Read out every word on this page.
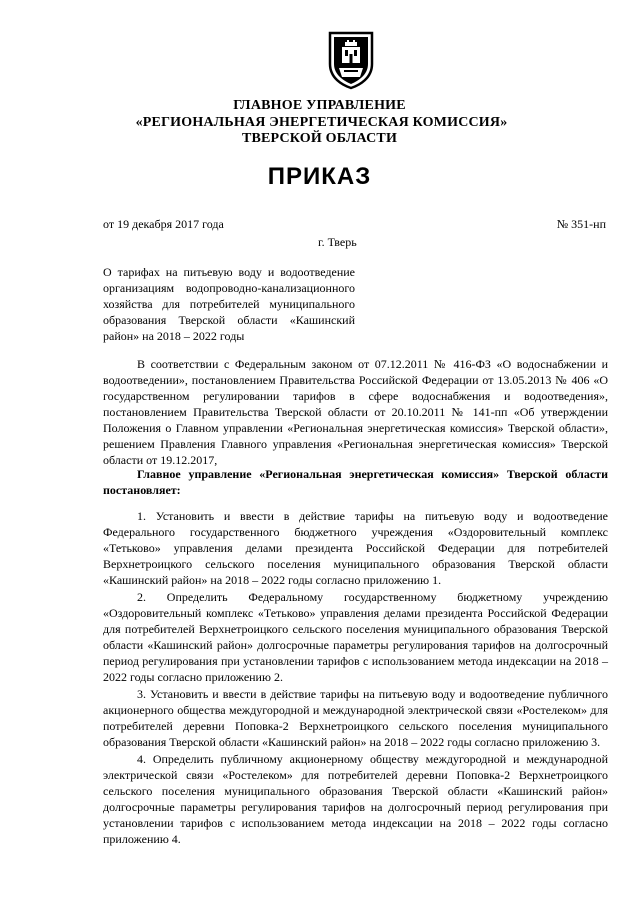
ГЛАВНОЕ УПРАВЛЕНИЕ
«РЕГИОНАЛЬНАЯ ЭНЕРГЕТИЧЕСКАЯ КОМИССИЯ»
ТВЕРСКОЙ ОБЛАСТИ
ПРИКАЗ
от 19 декабря 2017 года	№ 351-нп
г. Тверь
О тарифах на питьевую воду и водоотведение организациям водопроводно-канализационного хозяйства для потребителей муниципального образования Тверской области «Кашинский район» на 2018 – 2022 годы

В соответствии с Федеральным законом от 07.12.2011 № 416-ФЗ «О водоснабжении и водоотведении», постановлением Правительства Российской Федерации от 13.05.2013 № 406 «О государственном регулировании тарифов в сфере водоснабжения и водоотведения», постановлением Правительства Тверской области от 20.10.2011 № 141-пп «Об утверждении Положения о Главном управлении «Региональная энергетическая комиссия» Тверской области», решением Правления Главного управления «Региональная энергетическая комиссия» Тверской области от 19.12.2017,

Главное управление «Региональная энергетическая комиссия» Тверской области постановляет:

1. Установить и ввести в действие тарифы на питьевую воду и водоотведение Федерального государственного бюджетного учреждения «Оздоровительный комплекс «Тетьково» управления делами президента Российской Федерации для потребителей Верхнетроицкого сельского поселения муниципального образования Тверской области «Кашинский район» на 2018 – 2022 годы согласно приложению 1.

2. Определить Федеральному государственному бюджетному учреждению «Оздоровительный комплекс «Тетьково» управления делами президента Российской Федерации для потребителей Верхнетроицкого сельского поселения муниципального образования Тверской области «Кашинский район» долгосрочные параметры регулирования тарифов на долгосрочный период регулирования при установлении тарифов с использованием метода индексации на 2018 – 2022 годы согласно приложению 2.

3. Установить и ввести в действие тарифы на питьевую воду и водоотведение публичного акционерного общества междугородной и международной электрической связи «Ростелеком» для потребителей деревни Поповка-2 Верхнетроицкого сельского поселения муниципального образования Тверской области «Кашинский район» на 2018 – 2022 годы согласно приложению 3.

4. Определить публичному акционерному обществу междугородной и международной электрической связи «Ростелеком» для потребителей деревни Поповка-2 Верхнетроицкого сельского поселения муниципального образования Тверской области «Кашинский район» долгосрочные параметры регулирования тарифов на долгосрочный период регулирования при установлении тарифов с использованием метода индексации на 2018 – 2022 годы согласно приложению 4.
